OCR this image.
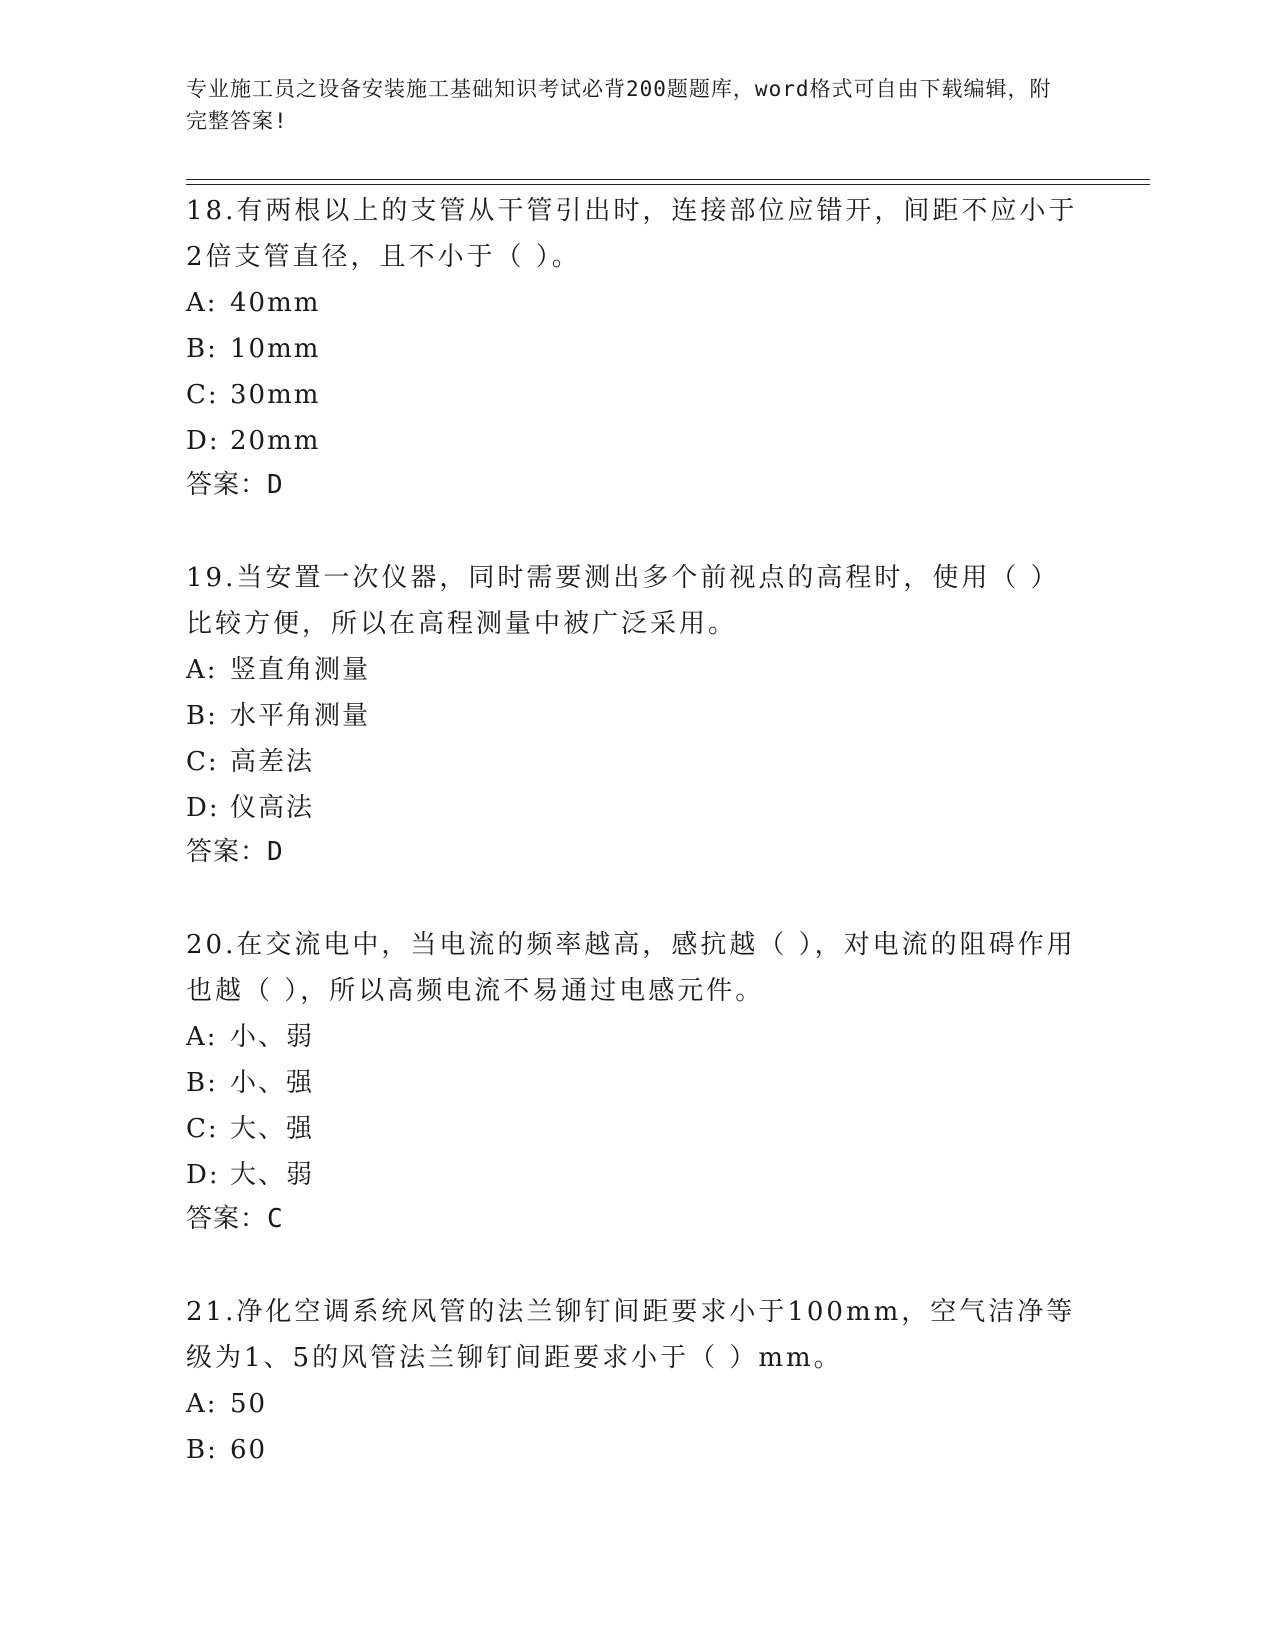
专业施工员之设备安装施工基础知识考试必背200题题库，word格式可自由下载编辑，附完整答案!
18.有两根以上的支管从干管引出时，连接部位应错开，间距不应小于2倍支管直径，且不小于（ ）。
A: 40mm
B: 10mm
C: 30mm
D: 20mm
答案：D
19.当安置一次仪器，同时需要测出多个前视点的高程时，使用（ ）比较方便，所以在高程测量中被广泛采用。
A: 竖直角测量
B: 水平角测量
C: 高差法
D: 仪高法
答案：D
20.在交流电中，当电流的频率越高，感抗越（ ），对电流的阻碍作用也越（ ），所以高频电流不易通过电感元件。
A: 小、弱
B: 小、强
C: 大、强
D: 大、弱
答案：C
21.净化空调系统风管的法兰铆钉间距要求小于100mm，空气洁净等级为1、5的风管法兰铆钉间距要求小于（ ）mm。
A: 50
B: 60
